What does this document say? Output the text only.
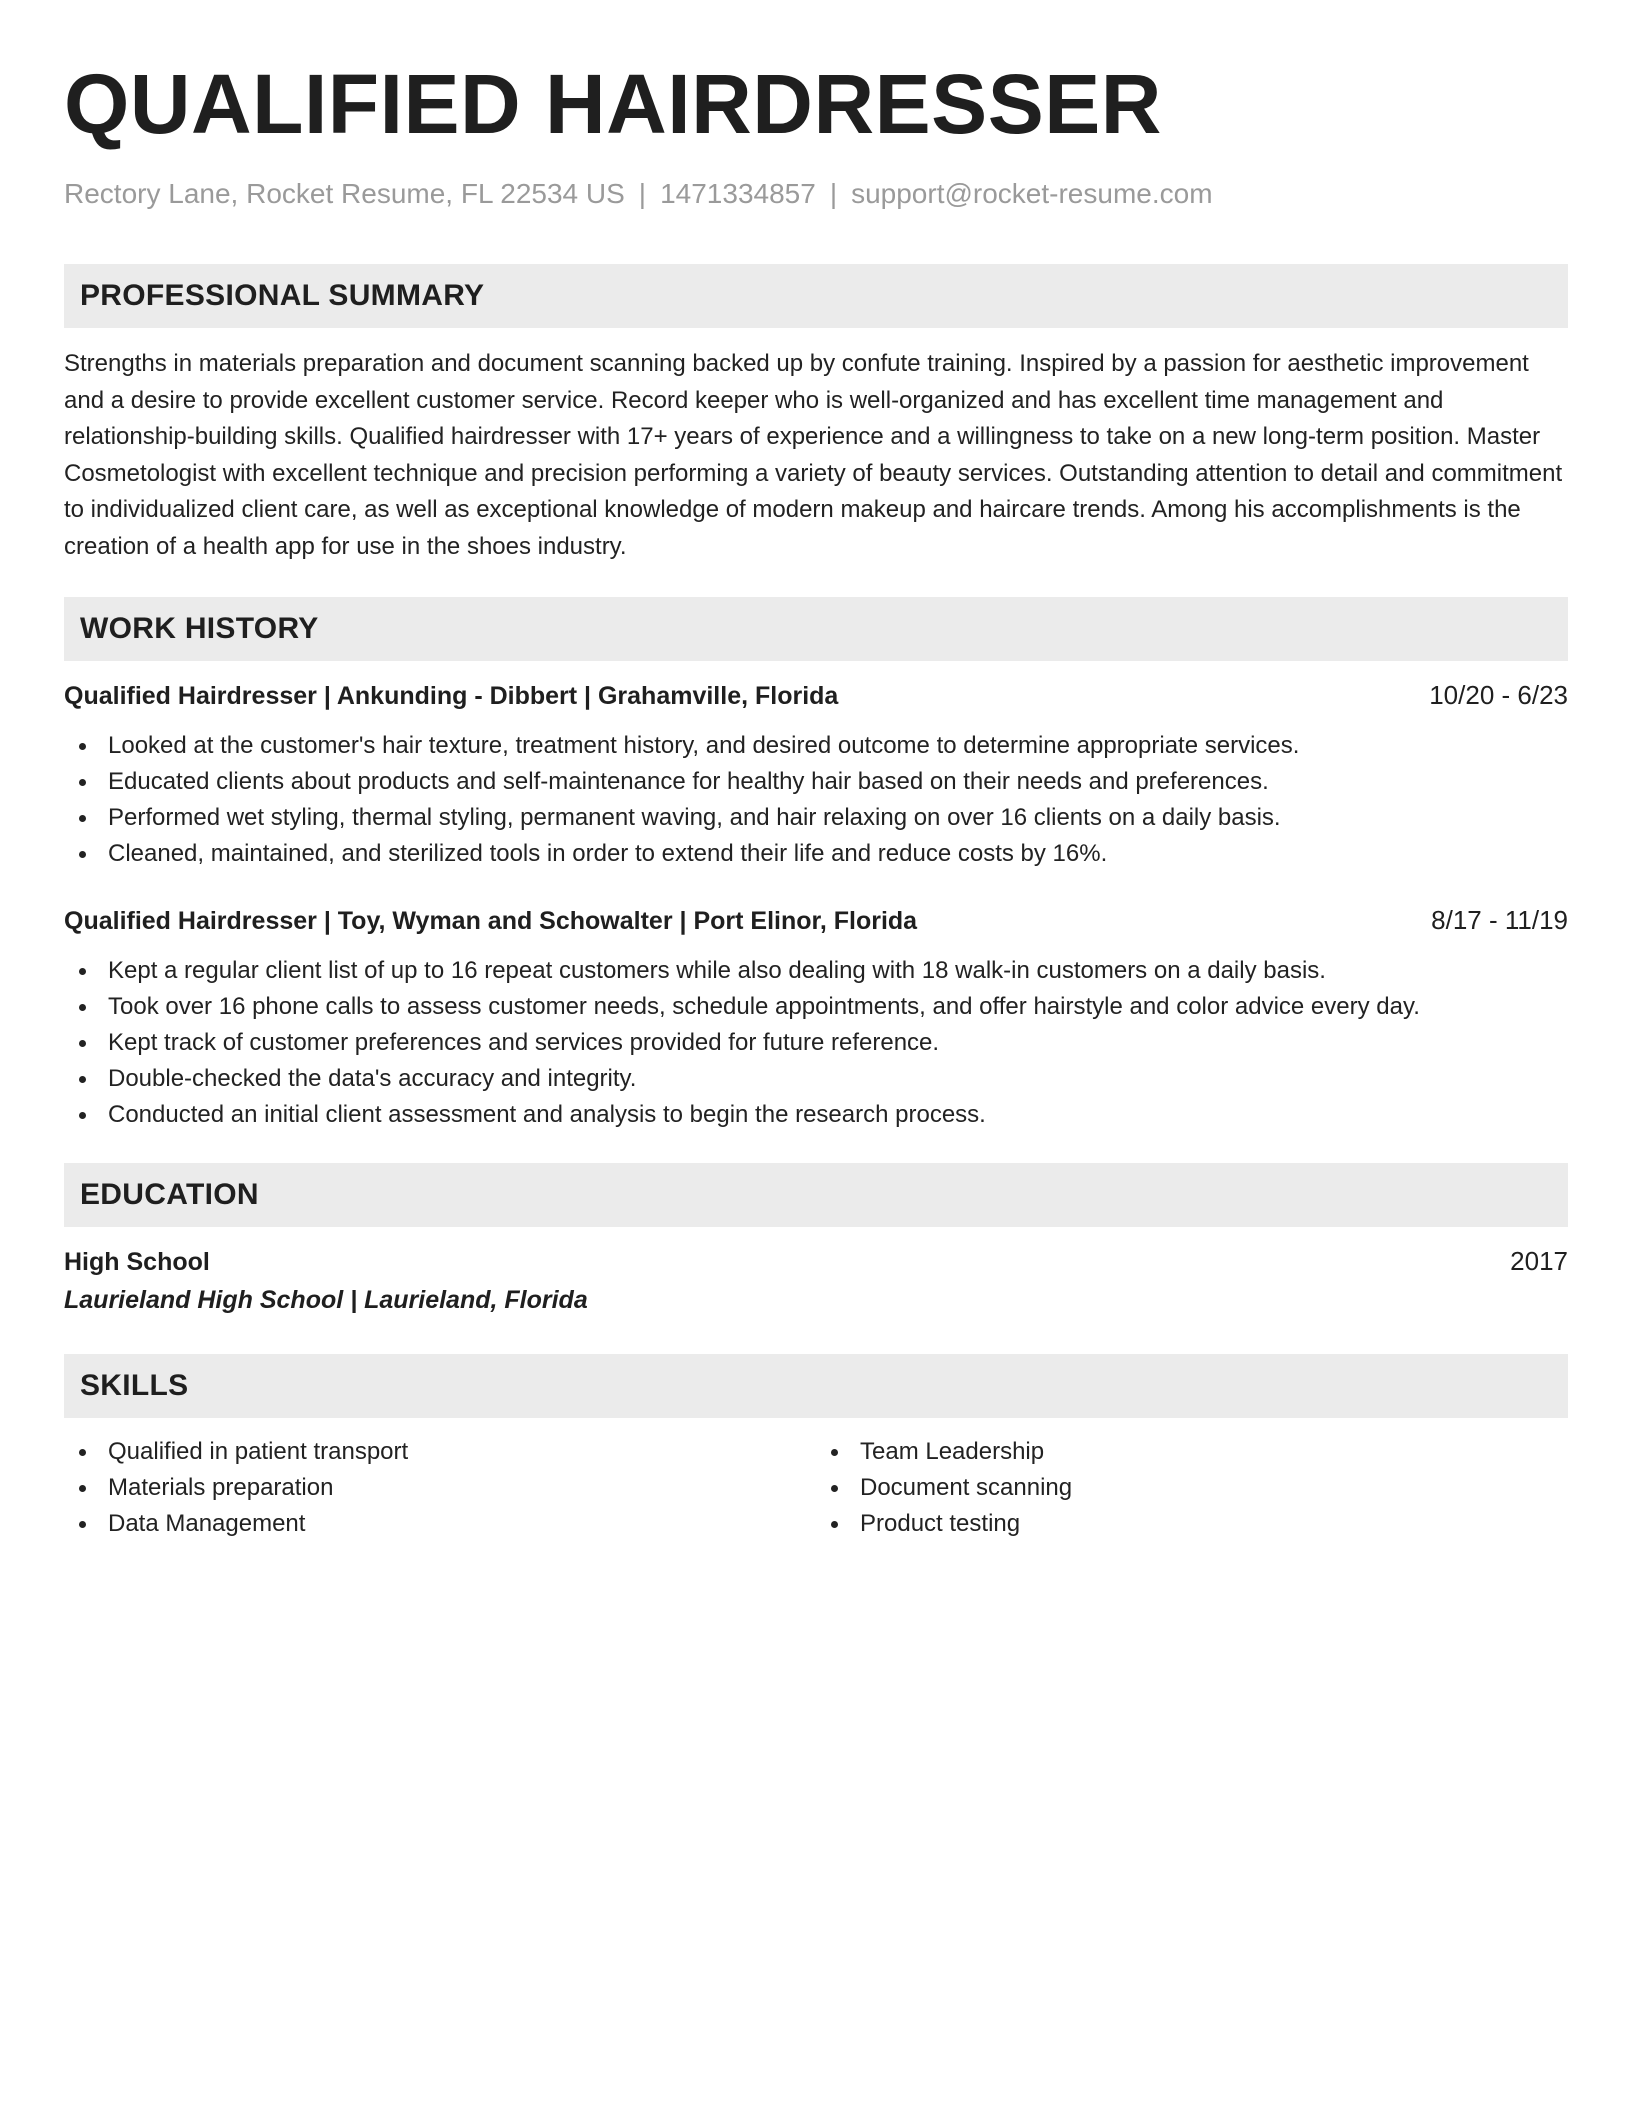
QUALIFIED HAIRDRESSER
Rectory Lane, Rocket Resume, FL 22534 US | 1471334857 | support@rocket-resume.com
PROFESSIONAL SUMMARY
Strengths in materials preparation and document scanning backed up by confute training. Inspired by a passion for aesthetic improvement and a desire to provide excellent customer service. Record keeper who is well-organized and has excellent time management and relationship-building skills. Qualified hairdresser with 17+ years of experience and a willingness to take on a new long-term position. Master Cosmetologist with excellent technique and precision performing a variety of beauty services. Outstanding attention to detail and commitment to individualized client care, as well as exceptional knowledge of modern makeup and haircare trends. Among his accomplishments is the creation of a health app for use in the shoes industry.
WORK HISTORY
Qualified Hairdresser | Ankunding - Dibbert | Grahamville, Florida	10/20 - 6/23
Looked at the customer's hair texture, treatment history, and desired outcome to determine appropriate services.
Educated clients about products and self-maintenance for healthy hair based on their needs and preferences.
Performed wet styling, thermal styling, permanent waving, and hair relaxing on over 16 clients on a daily basis.
Cleaned, maintained, and sterilized tools in order to extend their life and reduce costs by 16%.
Qualified Hairdresser | Toy, Wyman and Schowalter | Port Elinor, Florida	8/17 - 11/19
Kept a regular client list of up to 16 repeat customers while also dealing with 18 walk-in customers on a daily basis.
Took over 16 phone calls to assess customer needs, schedule appointments, and offer hairstyle and color advice every day.
Kept track of customer preferences and services provided for future reference.
Double-checked the data's accuracy and integrity.
Conducted an initial client assessment and analysis to begin the research process.
EDUCATION
High School	2017
Laurieland High School | Laurieland, Florida
SKILLS
Qualified in patient transport
Materials preparation
Data Management
Team Leadership
Document scanning
Product testing
